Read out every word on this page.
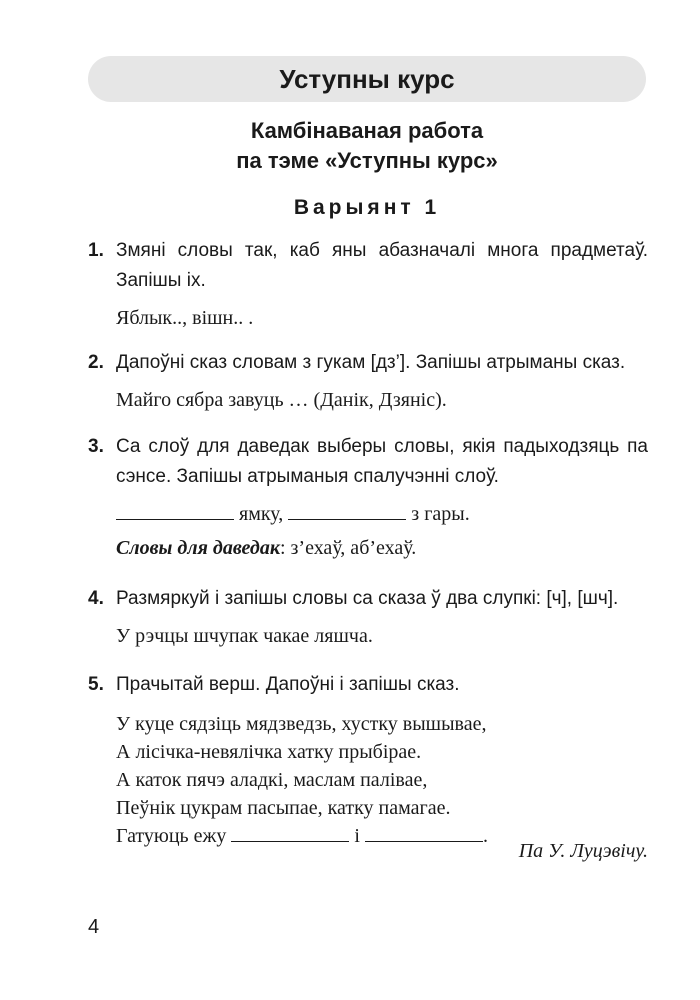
Уступны курс
Камбінаваная работа
па тэме «Уступны курс»
Варыянт 1
1. Змяні словы так, каб яны абазначалі многа прадметаў. Запішы іх.
Яблык.., вішн.. .
2. Дапоўні сказ словам з гукам [дз’]. Запішы атрыманы сказ.
Майго сябра завуць … (Данік, Дзяніс).
3. Са слоў для даведак выберы словы, якія падыходзяць па сэнсе. Запішы атрыманыя спалучэнні слоў.
ямку,	з гары.
Словы для даведак: з’ехаў, аб’ехаў.
4. Размяркуй і запішы словы са сказа ў два слупкі: [ч], [шч].
У рэчцы шчупак чакае ляшча.
5. Прачытай верш. Дапоўні і запішы сказ.
У куце сядзіць мядзведзь, хустку вышывае,
А лісічка-невялічка хатку прыбірае.
А каток пячэ аладкі, маслам палівае,
Пеўнік цукрам пасыпае, катку памагае.
Гатуюць ежу	і	.
Па У. Луцэвічу.
4
